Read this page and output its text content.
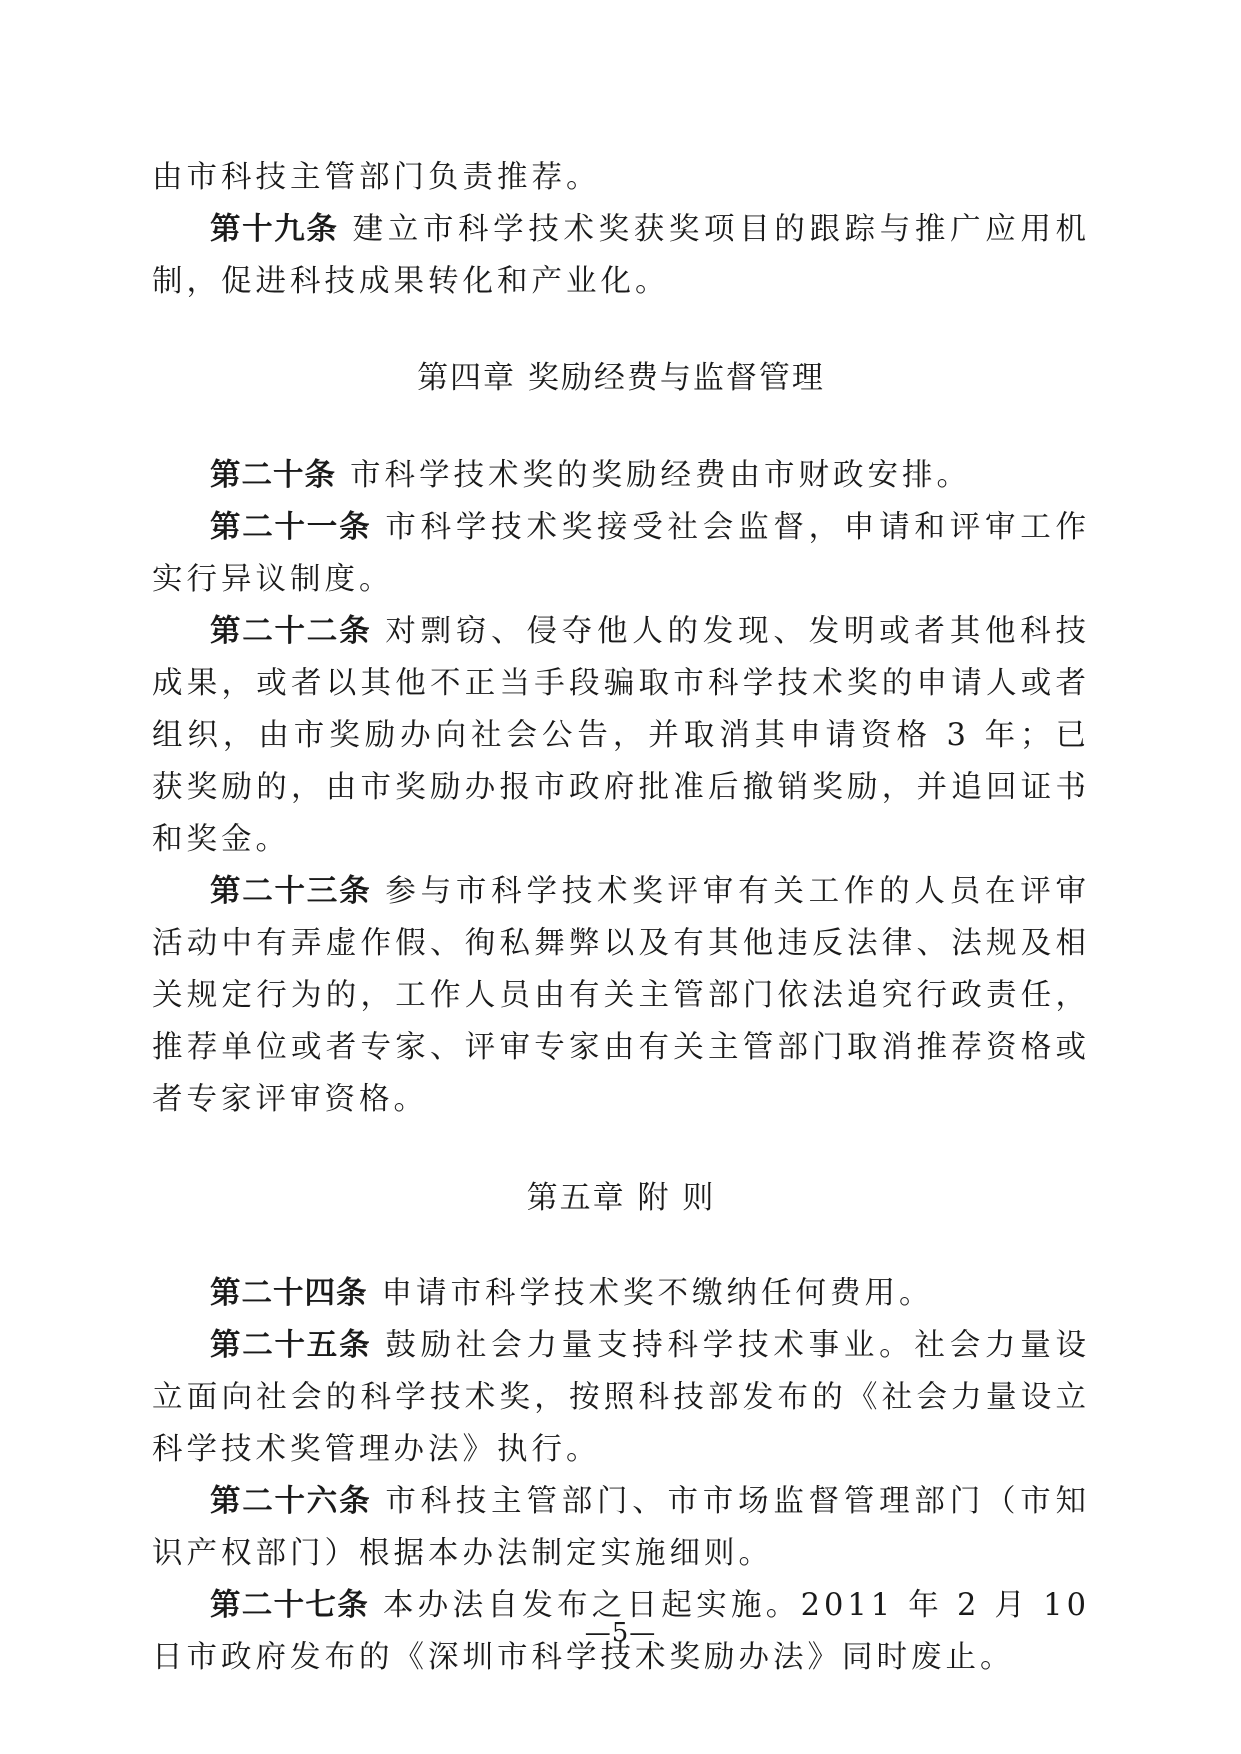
由市科技主管部门负责推荐。

第十九条 建立市科学技术奖获奖项目的跟踪与推广应用机制，促进科技成果转化和产业化。

第四章 奖励经费与监督管理

第二十条 市科学技术奖的奖励经费由市财政安排。

第二十一条 市科学技术奖接受社会监督，申请和评审工作实行异议制度。

第二十二条 对剽窃、侵夺他人的发现、发明或者其他科技成果，或者以其他不正当手段骗取市科学技术奖的申请人或者组织，由市奖励办向社会公告，并取消其申请资格 3 年；已获奖励的，由市奖励办报市政府批准后撤销奖励，并追回证书和奖金。

第二十三条 参与市科学技术奖评审有关工作的人员在评审活动中有弄虚作假、徇私舞弊以及有其他违反法律、法规及相关规定行为的，工作人员由有关主管部门依法追究行政责任，推荐单位或者专家、评审专家由有关主管部门取消推荐资格或者专家评审资格。

第五章 附 则

第二十四条 申请市科学技术奖不缴纳任何费用。

第二十五条 鼓励社会力量支持科学技术事业。社会力量设立面向社会的科学技术奖，按照科技部发布的《社会力量设立科学技术奖管理办法》执行。

第二十六条 市科技主管部门、市市场监督管理部门（市知识产权部门）根据本办法制定实施细则。

第二十七条 本办法自发布之日起实施。2011 年 2 月 10 日市政府发布的《深圳市科学技术奖励办法》同时废止。

—5—
